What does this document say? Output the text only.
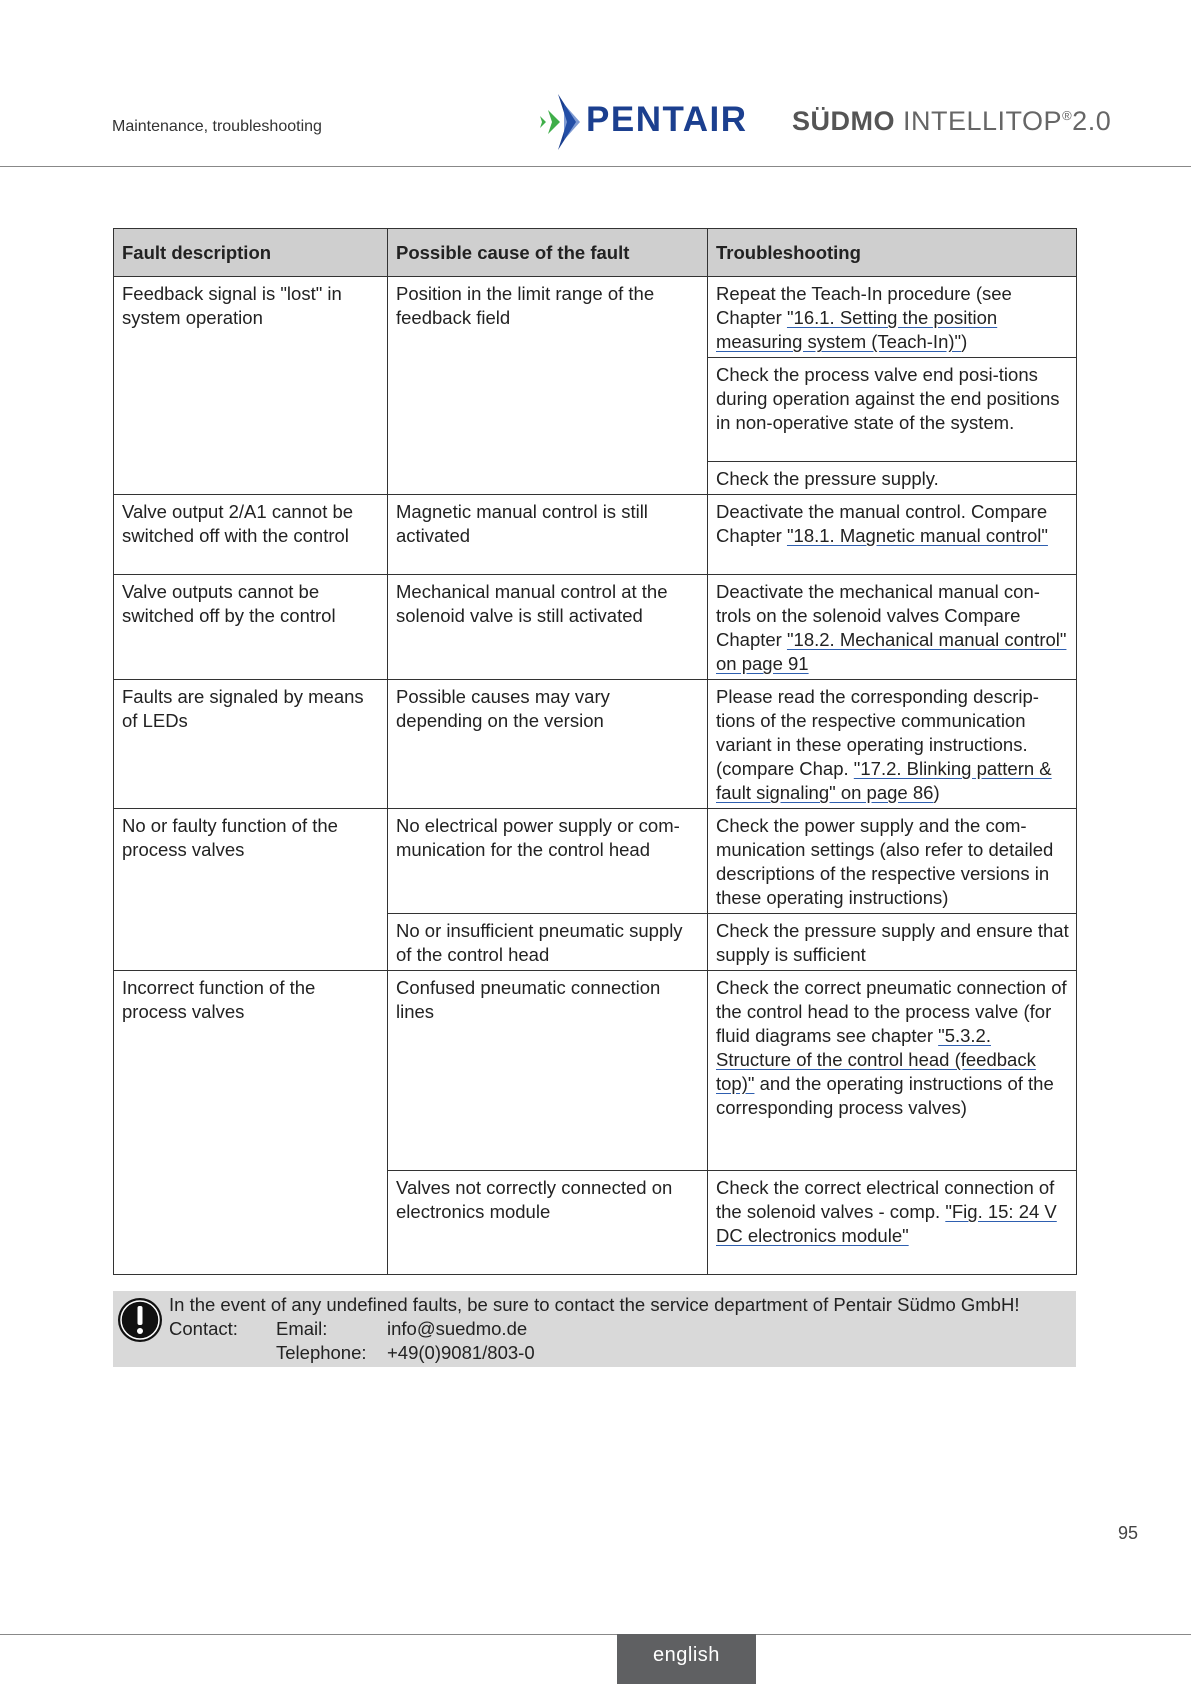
Maintenance, troubleshooting	PENTAIR SÜDMO INTELLITOP®2.0
Fault description	Possible cause of the fault	Troubleshooting
Feedback signal is "lost" in system operation	Position in the limit range of the feedback field	Repeat the Teach-In procedure (see Chapter "16.1. Setting the position measuring system (Teach-In)")
		Check the process valve end posi-tions during operation against the end positions in non-operative state of the system.
		Check the pressure supply.
Valve output 2/A1 cannot be switched off with the control	Magnetic manual control is still activated	Deactivate the manual control. Compare Chapter "18.1. Magnetic manual control"
Valve outputs cannot be switched off by the control	Mechanical manual control at the solenoid valve is still activated	Deactivate the mechanical manual con-trols on the solenoid valves Compare Chapter "18.2. Mechanical manual control" on page 91
Faults are signaled by means of LEDs	Possible causes may vary depending on the version	Please read the corresponding descrip-tions of the respective communication variant in these operating instructions. (compare Chap. "17.2. Blinking pattern & fault signaling" on page 86)
No or faulty function of the process valves	No electrical power supply or com-munication for the control head	Check the power supply and the com-munication settings (also refer to detailed descriptions of the respective versions in these operating instructions)
	No or insufficient pneumatic supply of the control head	Check the pressure supply and ensure that supply is sufficient
Incorrect function of the process valves	Confused pneumatic connection lines	Check the correct pneumatic connection of the control head to the process valve (for fluid diagrams see chapter "5.3.2. Structure of the control head (feedback top)" and the operating instructions of the corresponding process valves)
	Valves not correctly connected on electronics module	Check the correct electrical connection of the solenoid valves - comp. "Fig. 15: 24 V DC electronics module"
In the event of any undefined faults, be sure to contact the service department of Pentair Südmo GmbH!
Contact:	Email:	info@suedmo.de
Telephone:	+49(0)9081/803-0
95
english
